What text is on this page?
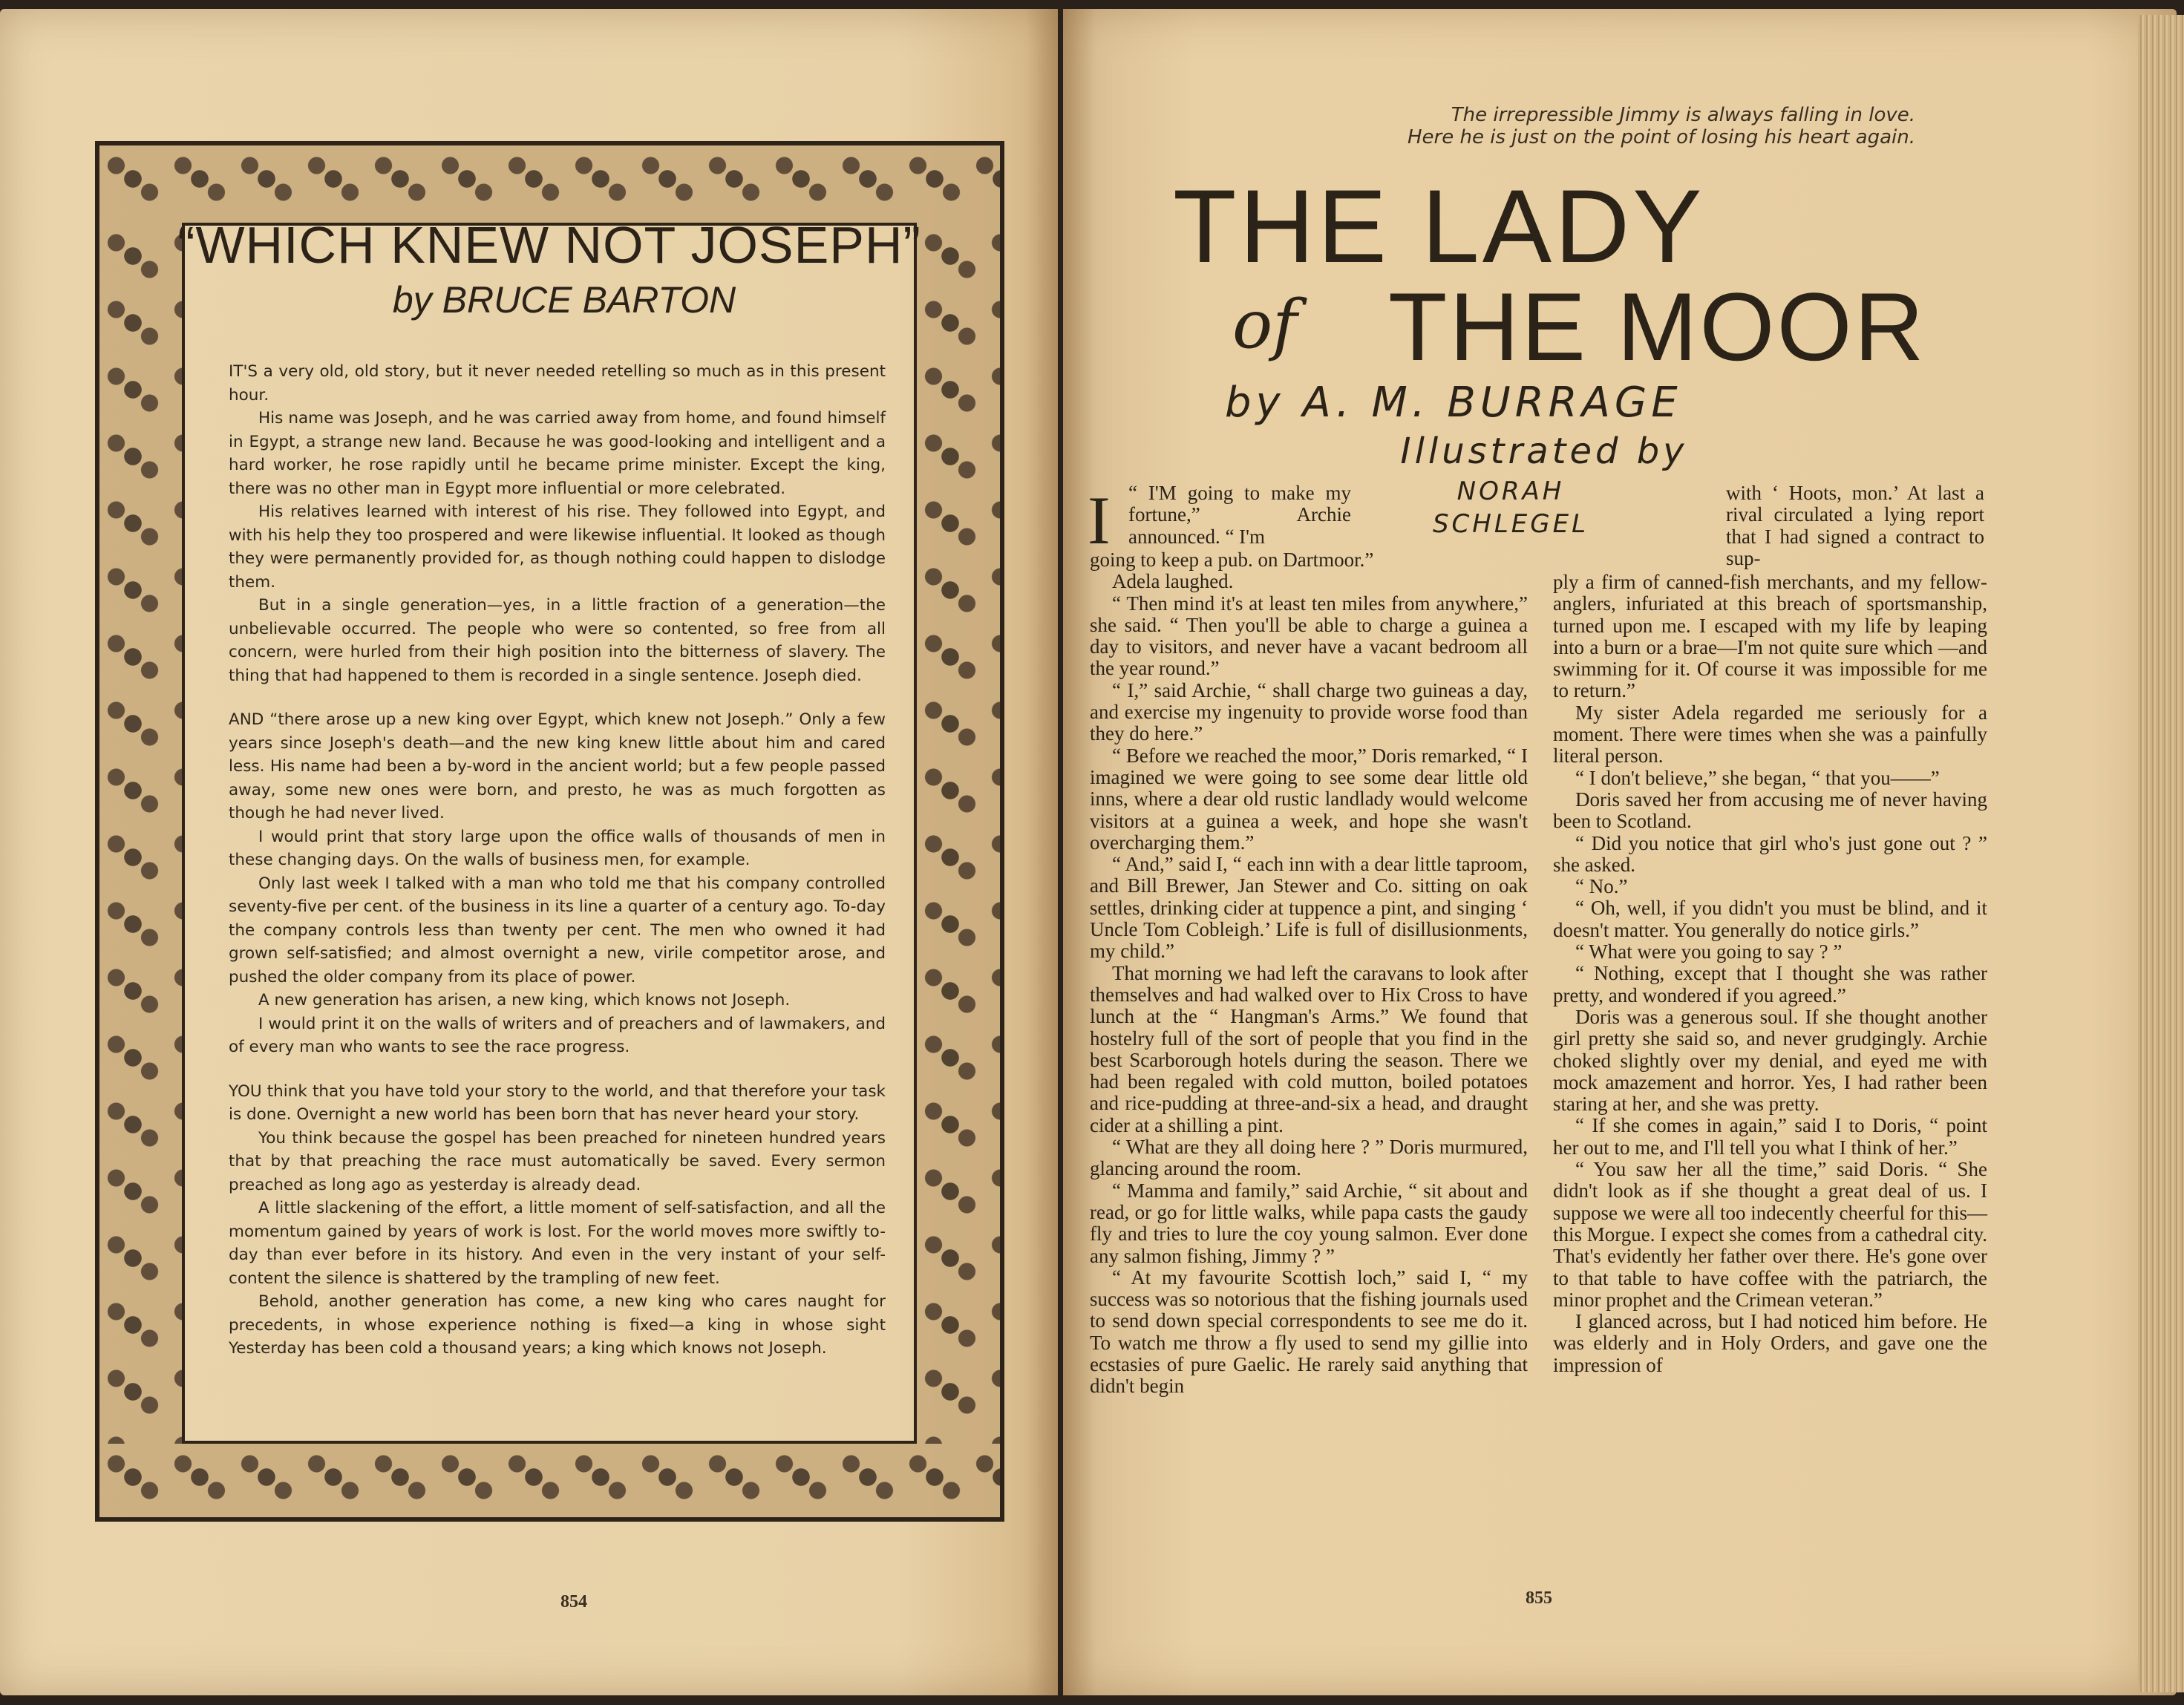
“WHICH KNEW NOT JOSEPH”
by BRUCE BARTON

IT'S a very old, old story, but it never needed retelling so much as in this present hour.

His name was Joseph, and he was carried away from home, and found himself in Egypt, a strange new land. Because he was good-looking and intelligent and a hard worker, he rose rapidly until he became prime minister. Except the king, there was no other man in Egypt more influential or more celebrated.

His relatives learned with interest of his rise. They followed into Egypt, and with his help they too prospered and were likewise influential. It looked as though they were permanently provided for, as though nothing could happen to dislodge them.

But in a single generation—yes, in a little fraction of a generation—the unbelievable occurred. The people who were so contented, so free from all concern, were hurled from their high position into the bitterness of slavery. The thing that had happened to them is recorded in a single sentence. Joseph died.

AND “there arose up a new king over Egypt, which knew not Joseph.” Only a few years since Joseph's death—and the new king knew little about him and cared less. His name had been a by-word in the ancient world; but a few people passed away, some new ones were born, and presto, he was as much forgotten as though he had never lived.

I would print that story large upon the office walls of thousands of men in these changing days. On the walls of business men, for example.

Only last week I talked with a man who told me that his company controlled seventy-five per cent. of the business in its line a quarter of a century ago. To-day the company controls less than twenty per cent. The men who owned it had grown self-satisfied; and almost overnight a new, virile competitor arose, and pushed the older company from its place of power.

A new generation has arisen, a new king, which knows not Joseph.

I would print it on the walls of writers and of preachers and of lawmakers, and of every man who wants to see the race progress.

YOU think that you have told your story to the world, and that therefore your task is done. Overnight a new world has been born that has never heard your story.

You think because the gospel has been preached for nineteen hundred years that by that preaching the race must automatically be saved. Every sermon preached as long ago as yesterday is already dead.

A little slackening of the effort, a little moment of self-satisfaction, and all the momentum gained by years of work is lost. For the world moves more swiftly to-day than ever before in its history. And even in the very instant of your self-content the silence is shattered by the trampling of new feet.

Behold, another generation has come, a new king who cares naught for precedents, in whose experience nothing is fixed—a king in whose sight Yesterday has been cold a thousand years; a king which knows not Joseph.

854
The irrepressible Jimmy is always falling in love.
Here he is just on the point of losing his heart again.
THE LADY
of THE MOOR
by A. M. BURRAGE
Illustrated by
NORAH
SCHLEGEL
I “ I'M going to make my fortune,” Archie announced. “ I'm

going to keep a pub. on Dartmoor.”

Adela laughed.

“ Then mind it's at least ten miles from anywhere,” she said. “ Then you'll be able to charge a guinea a day to visitors, and never have a vacant bedroom all the year round.”

“ I,” said Archie, “ shall charge two guineas a day, and exercise my ingenuity to provide worse food than they do here.”

“ Before we reached the moor,” Doris remarked, “ I imagined we were going to see some dear little old inns, where a dear old rustic landlady would welcome visitors at a guinea a week, and hope she wasn't overcharging them.”

“ And,” said I, “ each inn with a dear little taproom, and Bill Brewer, Jan Stewer and Co. sitting on oak settles, drinking cider at tuppence a pint, and singing ‘ Uncle Tom Cobleigh.’ Life is full of disillusionments, my child.”

That morning we had left the caravans to look after themselves and had walked over to Hix Cross to have lunch at the “ Hangman's Arms.” We found that hostelry full of the sort of people that you find in the best Scarborough hotels during the season. There we had been regaled with cold mutton, boiled potatoes and rice-pudding at three-and-six a head, and draught cider at a shilling a pint.

“ What are they all doing here ? ” Doris murmured, glancing around the room.

“ Mamma and family,” said Archie, “ sit about and read, or go for little walks, while papa casts the gaudy fly and tries to lure the coy young salmon. Ever done any salmon fishing, Jimmy ? ”

“ At my favourite Scottish loch,” said I, “ my success was so notorious that the fishing journals used to send down special correspondents to see me do it. To watch me throw a fly used to send my gillie into ecstasies of pure Gaelic. He rarely said anything that didn't begin

with ‘ Hoots, mon.’ At last a rival circulated a lying report that I had signed a contract to sup-

ply a firm of canned-fish merchants, and my fellow-anglers, infuriated at this breach of sportsmanship, turned upon me. I escaped with my life by leaping into a burn or a brae—I'm not quite sure which —and swimming for it. Of course it was impossible for me to return.”

My sister Adela regarded me seriously for a moment. There were times when she was a painfully literal person.

“ I don't believe,” she began, “ that you——”

Doris saved her from accusing me of never having been to Scotland.

“ Did you notice that girl who's just gone out ? ” she asked.

“ No.”

“ Oh, well, if you didn't you must be blind, and it doesn't matter. You generally do notice girls.”

“ What were you going to say ? ”

“ Nothing, except that I thought she was rather pretty, and wondered if you agreed.”

Doris was a generous soul. If she thought another girl pretty she said so, and never grudgingly. Archie choked slightly over my denial, and eyed me with mock amazement and horror. Yes, I had rather been staring at her, and she was pretty.

“ If she comes in again,” said I to Doris, “ point her out to me, and I'll tell you what I think of her.”

“ You saw her all the time,” said Doris. “ She didn't look as if she thought a great deal of us. I suppose we were all too indecently cheerful for this—this Morgue. I expect she comes from a cathedral city. That's evidently her father over there. He's gone over to that table to have coffee with the patriarch, the minor prophet and the Crimean veteran.”

I glanced across, but I had noticed him before. He was elderly and in Holy Orders, and gave one the impression of

855
